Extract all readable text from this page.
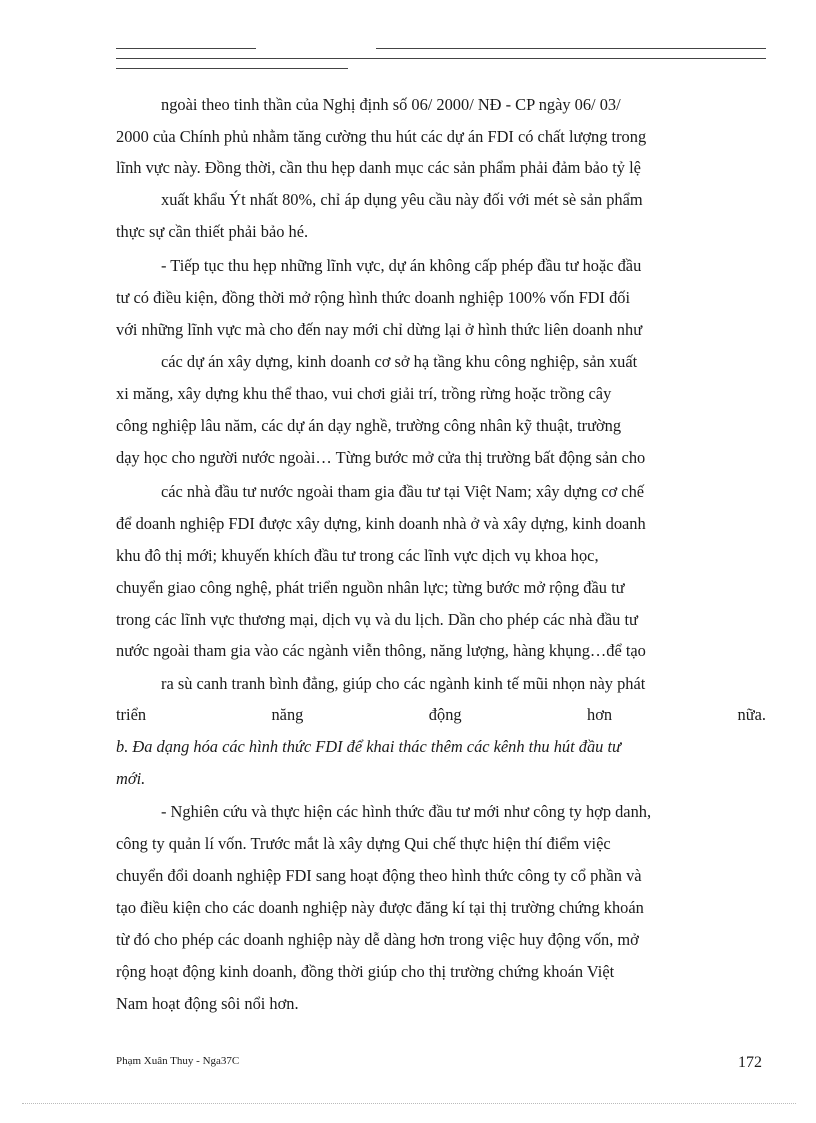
ngoài theo tinh thần của Nghị định số 06/ 2000/ NĐ - CP ngày 06/ 03/
2000 của Chính phủ nhằm tăng cường thu hút các dự án FDI có chất lượng trong
lĩnh vực này. Đồng thời, cần thu hẹp danh mục các sản phẩm phải đảm bảo tỷ lệ
xuất khẩu Ýt nhất 80%, chỉ áp dụng yêu cầu này đối với mét sè sản phẩm
thực sự cần thiết phải bảo hé.
- Tiếp tục thu hẹp những lĩnh vực, dự án không cấp phép đầu tư hoặc đầu
tư có điều kiện, đồng thời mở rộng hình thức doanh nghiệp 100% vốn FDI đối
với những lĩnh vực mà cho đến nay mới chỉ dừng lại ở hình thức liên doanh như
các dự án xây dựng, kinh doanh cơ sở hạ tầng khu công nghiệp, sản xuất
xi măng, xây dựng khu thể thao, vui chơi giải trí, trồng rừng hoặc trồng cây
công nghiệp lâu năm, các dự án dạy nghề, trường công nhân kỹ thuật, trường
dạy học cho người nước ngoài… Từng bước mở cửa thị trường bất động sản cho
các nhà đầu tư nước ngoài tham gia đầu tư tại Việt Nam; xây dựng cơ chế
để doanh nghiệp FDI được xây dựng, kinh doanh nhà ở và xây dựng, kinh doanh
khu đô thị mới; khuyến khích đầu tư trong các lĩnh vực dịch vụ khoa học,
chuyển giao công nghệ, phát triển nguồn nhân lực; từng bước mở rộng đầu tư
trong các lĩnh vực thương mại, dịch vụ và du lịch. Dần cho phép các nhà đầu tư
nước ngoài tham gia vào các ngành viễn thông, năng lượng, hàng khụng…để tạo
ra sù canh tranh bình đẳng, giúp cho các ngành kinh tế mũi nhọn này phát
triển	năng	động	hơn	nữa.
b. Đa dạng hóa các hình thức FDI để khai thác thêm các kênh thu hút đầu tư
mới.
- Nghiên cứu và thực hiện các hình thức đầu tư mới như công ty hợp danh,
công ty quản lí vốn. Trước mắt là xây dựng Qui chế thực hiện thí điểm việc
chuyển đổi doanh nghiệp FDI sang hoạt động theo hình thức công ty cổ phần và
tạo điều kiện cho các doanh nghiệp này được đăng kí tại thị trường chứng khoán
từ đó cho phép các doanh nghiệp này dễ dàng hơn trong việc huy động vốn, mở
rộng hoạt động kinh doanh, đồng thời giúp cho thị trường chứng khoán Việt
Nam hoạt động sôi nổi hơn.
Phạm Xuân Thuy - Nga37C	172
